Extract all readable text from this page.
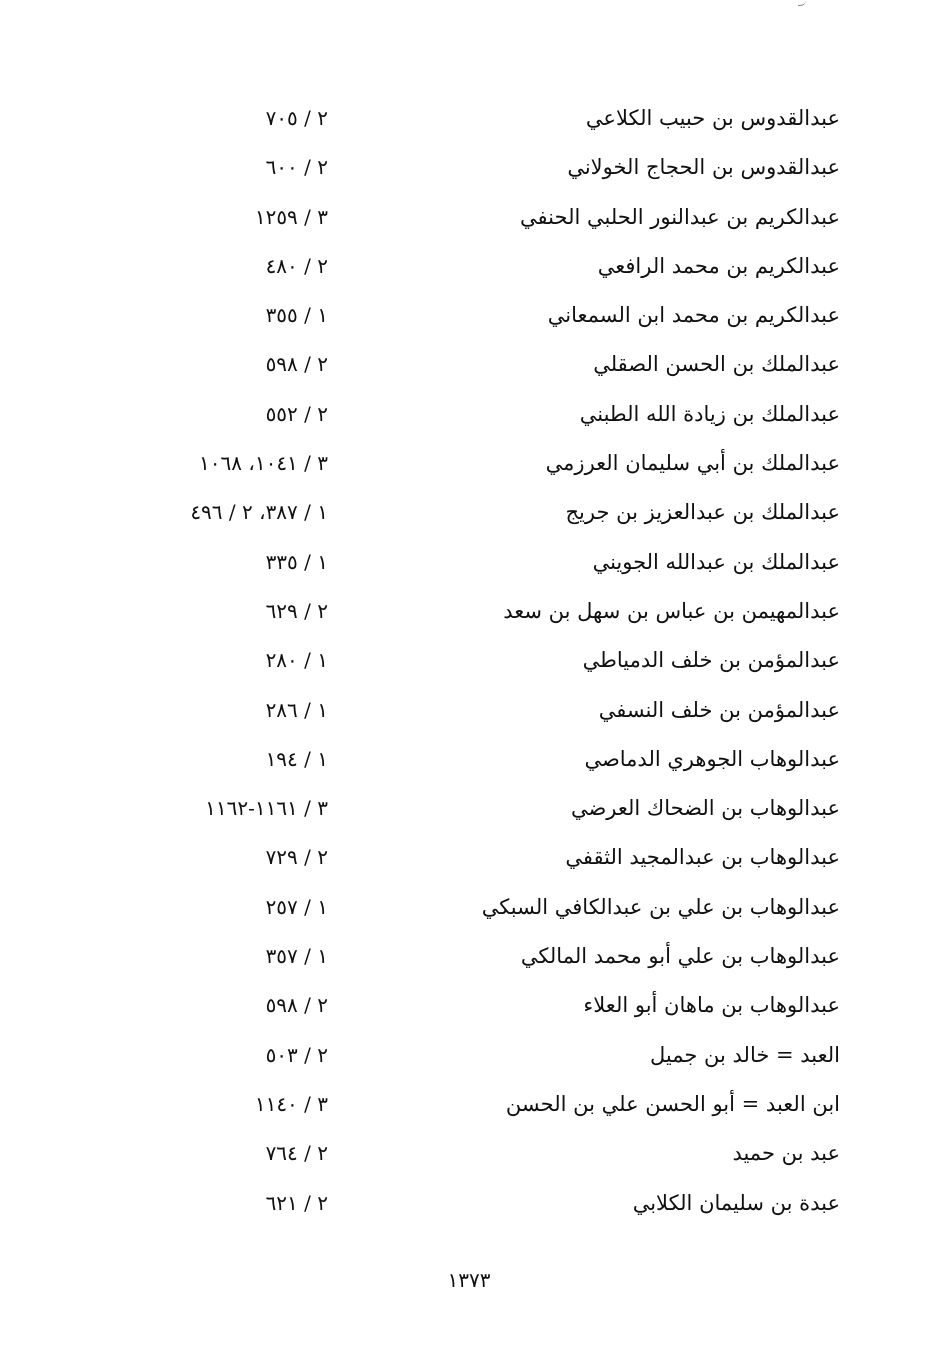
عبدالقدوس بن حبيب الكلاعي
٢ / ٧٠٥
عبدالقدوس بن الحجاج الخولاني
٢ / ٦٠٠
عبدالكريم بن عبدالنور الحلبي الحنفي
٣ / ١٢٥٩
عبدالكريم بن محمد الرافعي
٢ / ٤٨٠
عبدالكريم بن محمد ابن السمعاني
١ / ٣٥٥
عبدالملك بن الحسن الصقلي
٢ / ٥٩٨
عبدالملك بن زيادة الله الطبني
٢ / ٥٥٢
عبدالملك بن أبي سليمان العرزمي
٣ / ١٠٤١، ١٠٦٨
عبدالملك بن عبدالعزيز بن جريج
١ / ٣٨٧، ٢ / ٤٩٦
عبدالملك بن عبدالله الجويني
١ / ٣٣٥
عبدالمهيمن بن عباس بن سهل بن سعد
٢ / ٦٢٩
عبدالمؤمن بن خلف الدمياطي
١ / ٢٨٠
عبدالمؤمن بن خلف النسفي
١ / ٢٨٦
عبدالوهاب الجوهري الدماصي
١ / ١٩٤
عبدالوهاب بن الضحاك العرضي
٣ / ١١٦١-١١٦٢
عبدالوهاب بن عبدالمجيد الثقفي
٢ / ٧٢٩
عبدالوهاب بن علي بن عبدالكافي السبكي
١ / ٢٥٧
عبدالوهاب بن علي أبو محمد المالكي
١ / ٣٥٧
عبدالوهاب بن ماهان أبو العلاء
٢ / ٥٩٨
العبد = خالد بن جميل
٢ / ٥٠٣
ابن العبد = أبو الحسن علي بن الحسن
٣ / ١١٤٠
عبد بن حميد
٢ / ٧٦٤
عبدة بن سليمان الكلابي
٢ / ٦٢١
١٣٧٣
